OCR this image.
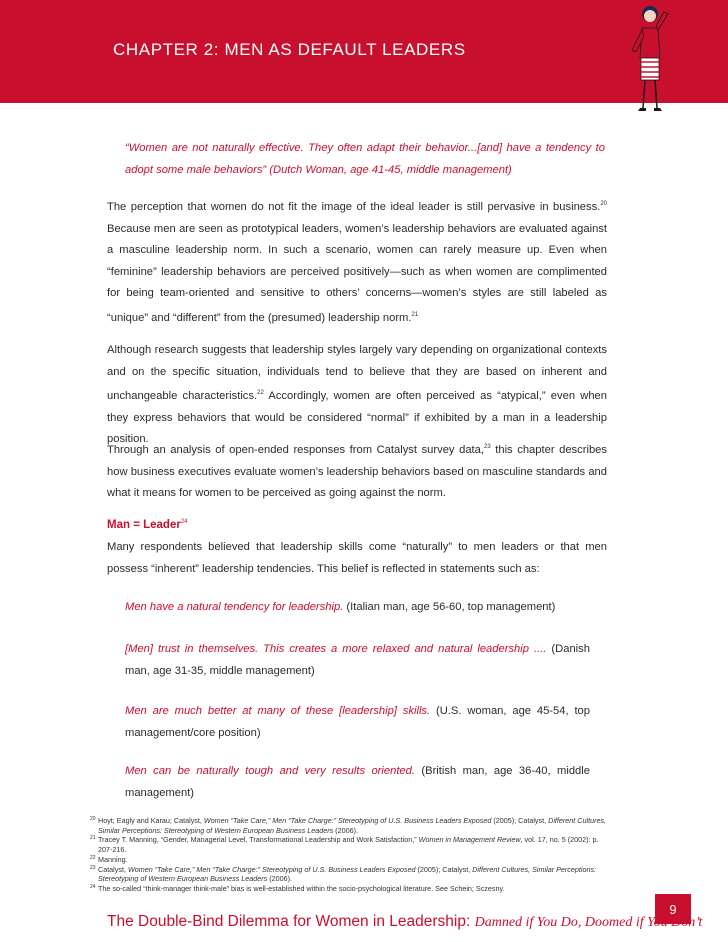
CHAPTER 2: MEN AS DEFAULT LEADERS
“Women are not naturally effective. They often adapt their behavior...[and] have a tendency to adopt some male behaviors” (Dutch Woman, age 41-45, middle management)
The perception that women do not fit the image of the ideal leader is still pervasive in business.$^{20}$ Because men are seen as prototypical leaders, women’s leadership behaviors are evaluated against a masculine leadership norm. In such a scenario, women can rarely measure up. Even when “feminine” leadership behaviors are perceived positively—such as when women are complimented for being team-oriented and sensitive to others’ concerns—women’s styles are still labeled as “unique” and “different” from the (presumed) leadership norm.$^{21}$
Although research suggests that leadership styles largely vary depending on organizational contexts and on the specific situation, individuals tend to believe that they are based on inherent and unchangeable characteristics.$^{22}$ Accordingly, women are often perceived as “atypical,” even when they express behaviors that would be considered “normal” if exhibited by a man in a leadership position.
Through an analysis of open-ended responses from Catalyst survey data,$^{23}$ this chapter describes how business executives evaluate women’s leadership behaviors based on masculine standards and what it means for women to be perceived as going against the norm.
Man = Leader$^{24}$
Many respondents believed that leadership skills come “naturally” to men leaders or that men possess “inherent” leadership tendencies. This belief is reflected in statements such as:
Men have a natural tendency for leadership. (Italian man, age 56-60, top management)
[Men] trust in themselves. This creates a more relaxed and natural leadership .... (Danish man, age 31-35, middle management)
Men are much better at many of these [leadership] skills. (U.S. woman, age 45-54, top management/core position)
Men can be naturally tough and very results oriented. (British man, age 36-40, middle management)
20 Hoyt; Eagly and Karau; Catalyst, Women “Take Care,” Men “Take Charge:” Stereotyping of U.S. Business Leaders Exposed (2005); Catalyst, Different Cultures, Similar Perceptions: Stereotyping of Western European Business Leaders (2006).
21 Tracey T. Manning, “Gender, Managerial Level, Transformational Leadership and Work Satisfaction,” Women in Management Review, vol. 17, no. 5 (2002): p. 207-216.
22 Manning.
23 Catalyst, Women “Take Care,” Men “Take Charge:” Stereotyping of U.S. Business Leaders Exposed (2005); Catalyst, Different Cultures, Similar Perceptions: Stereotyping of Western European Business Leaders (2006).
24 The so-called “think-manager think-male” bias is well-established within the socio-psychological literature. See Schein; Sczesny.
9
The Double-Bind Dilemma for Women in Leadership: Damned if You Do, Doomed if You Don’t
